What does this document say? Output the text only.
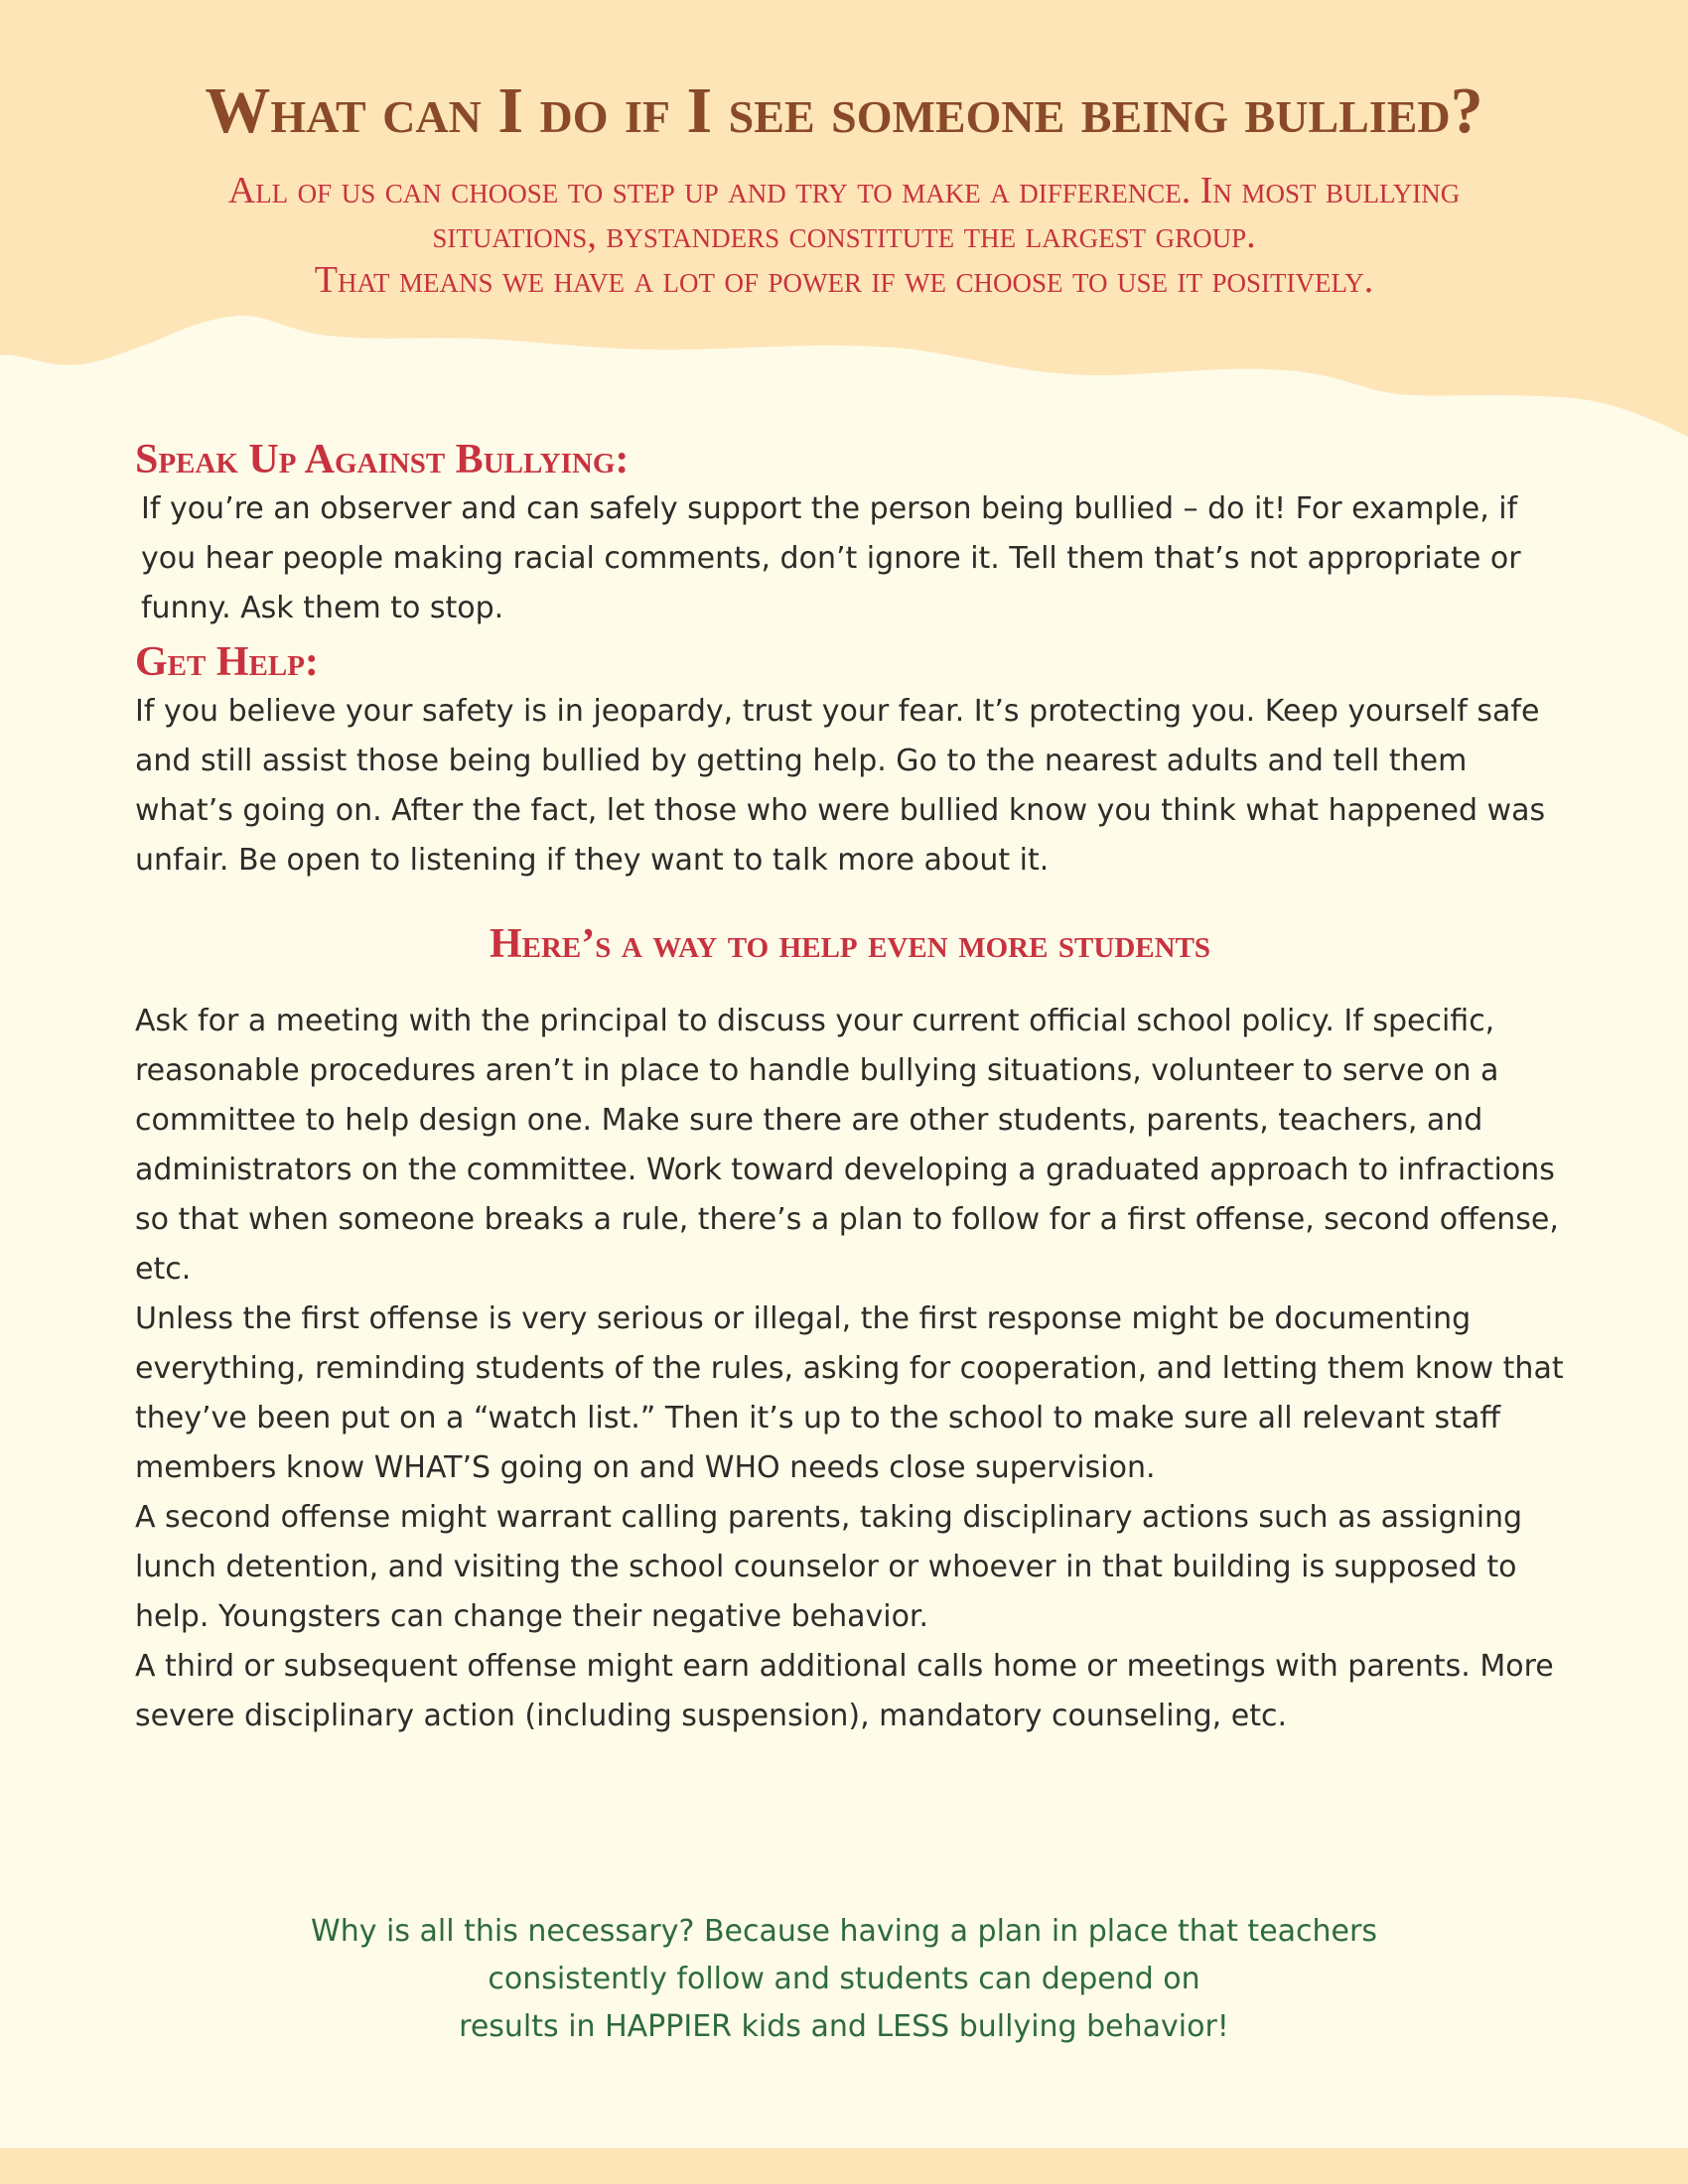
What can I do if I see someone being bullied?
All of us can choose to step up and try to make a difference. In most bullying
situations, bystanders constitute the largest group.
That means we have a lot of power if we choose to use it positively.
Speak Up Against Bullying:

If you’re an observer and can safely support the person being bullied – do it! For example, if you hear people making racial comments, don’t ignore it. Tell them that’s not appropriate or funny. Ask them to stop.

Get Help:

If you believe your safety is in jeopardy, trust your fear. It’s protecting you. Keep yourself safe and still assist those being bullied by getting help. Go to the nearest adults and tell them what’s going on. After the fact, let those who were bullied know you think what happened was unfair. Be open to listening if they want to talk more about it.

Here’s a way to help even more students

Ask for a meeting with the principal to discuss your current official school policy. If specific, reasonable procedures aren’t in place to handle bullying situations, volunteer to serve on a committee to help design one. Make sure there are other students, parents, teachers, and administrators on the committee. Work toward developing a graduated approach to infractions so that when someone breaks a rule, there’s a plan to follow for a first offense, second offense, etc.

Unless the first offense is very serious or illegal, the first response might be documenting everything, reminding students of the rules, asking for cooperation, and letting them know that they’ve been put on a “watch list.” Then it’s up to the school to make sure all relevant staff members know WHAT’S going on and WHO needs close supervision.

A second offense might warrant calling parents, taking disciplinary actions such as assigning lunch detention, and visiting the school counselor or whoever in that building is supposed to help. Youngsters can change their negative behavior.

A third or subsequent offense might earn additional calls home or meetings with parents. More severe disciplinary action (including suspension), mandatory counseling, etc.

Why is all this necessary? Because having a plan in place that teachers
consistently follow and students can depend on
results in HAPPIER kids and LESS bullying behavior!
